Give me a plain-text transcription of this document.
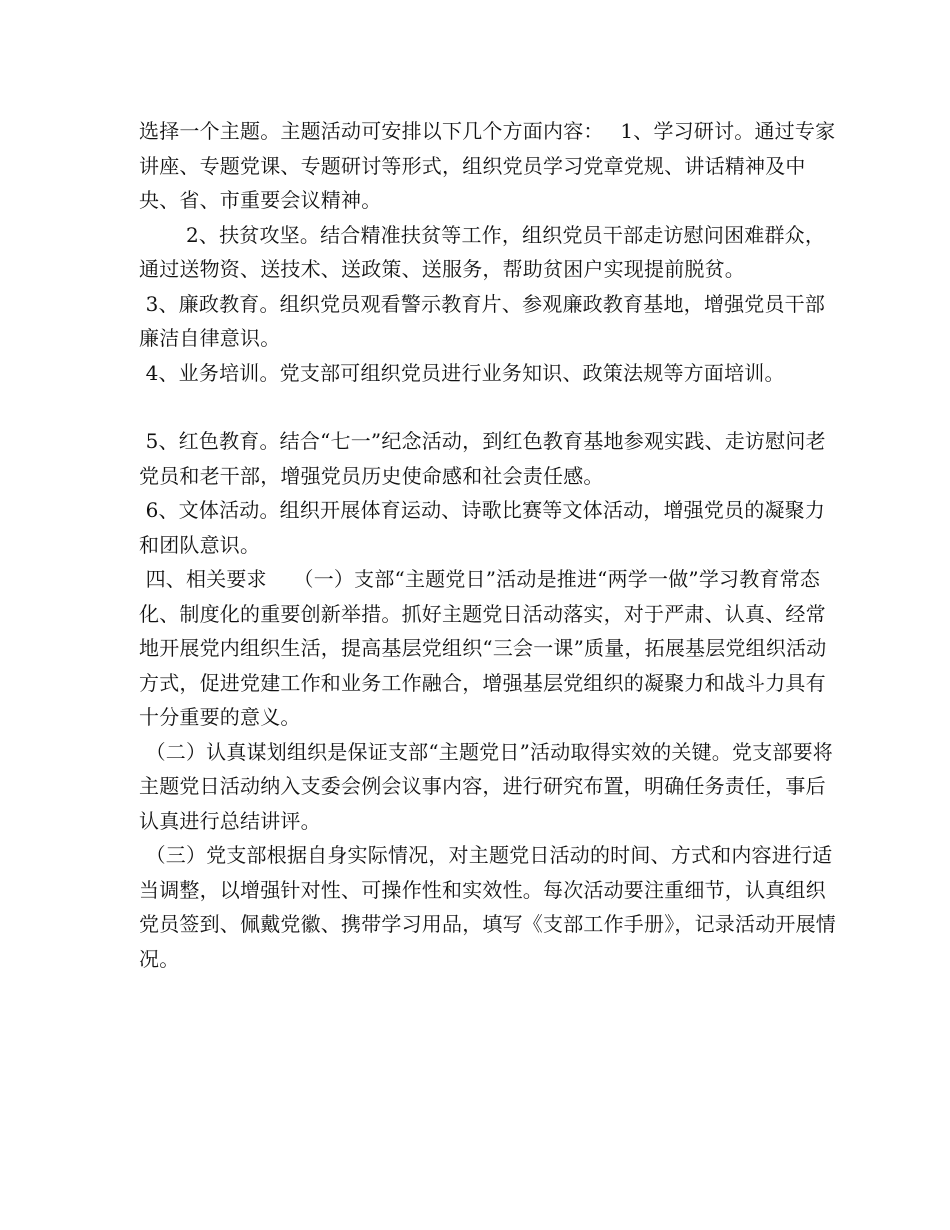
选择一个主题。主题活动可安排以下几个方面内容：　 1、学习研讨。通过专家讲座、专题党课、专题研讨等形式，组织党员学习党章党规、讲话精神及中央、省、市重要会议精神。

　　 2、扶贫攻坚。结合精准扶贫等工作，组织党员干部走访慰问困难群众，通过送物资、送技术、送政策、送服务，帮助贫困户实现提前脱贫。

3、廉政教育。组织党员观看警示教育片、参观廉政教育基地，增强党员干部廉洁自律意识。

4、业务培训。党支部可组织党员进行业务知识、政策法规等方面培训。

5、红色教育。结合“七一”纪念活动，到红色教育基地参观实践、走访慰问老党员和老干部，增强党员历史使命感和社会责任感。

6、文体活动。组织开展体育运动、诗歌比赛等文体活动，增强党员的凝聚力和团队意识。

四、相关要求　 （一）支部“主题党日”活动是推进“两学一做”学习教育常态化、制度化的重要创新举措。抓好主题党日活动落实，对于严肃、认真、经常地开展党内组织生活，提高基层党组织“三会一课”质量，拓展基层党组织活动方式，促进党建工作和业务工作融合，增强基层党组织的凝聚力和战斗力具有十分重要的意义。

（二）认真谋划组织是保证支部“主题党日”活动取得实效的关键。党支部要将主题党日活动纳入支委会例会议事内容，进行研究布置，明确任务责任，事后认真进行总结讲评。

（三）党支部根据自身实际情况，对主题党日活动的时间、方式和内容进行适当调整，以增强针对性、可操作性和实效性。每次活动要注重细节，认真组织党员签到、佩戴党徽、携带学习用品，填写《支部工作手册》，记录活动开展情况。
